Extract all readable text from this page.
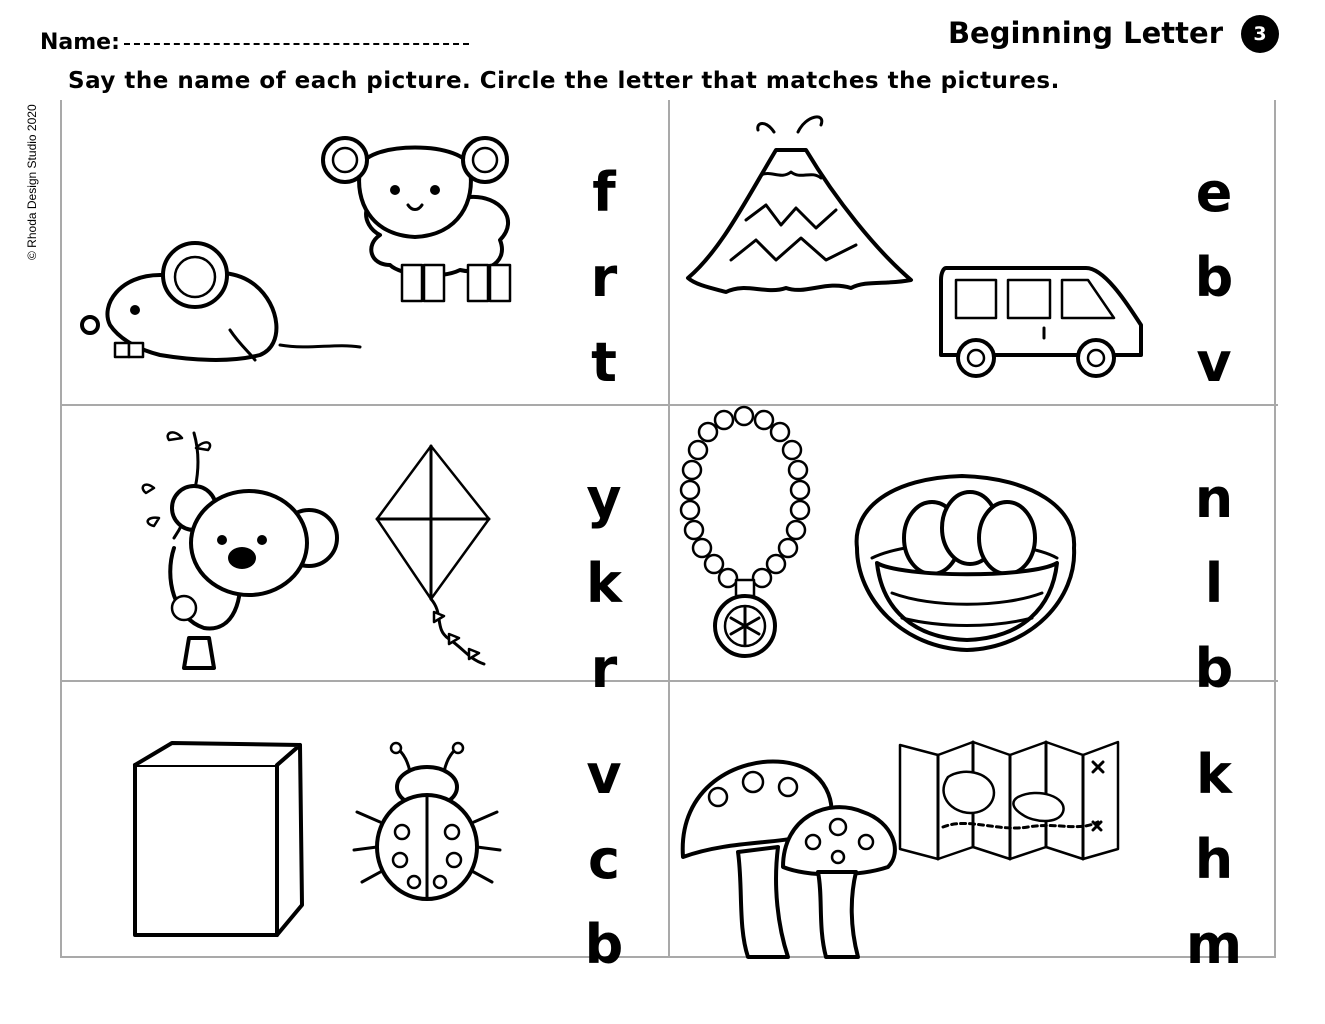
Name:	Beginning Letter	3
Say the name of each picture. Circle the letter that matches the pictures.
© Rhoda Design Studio 2020	f
r
t
e
b
v
y
k
r
n
l
b
v
c
b
k
h
m
